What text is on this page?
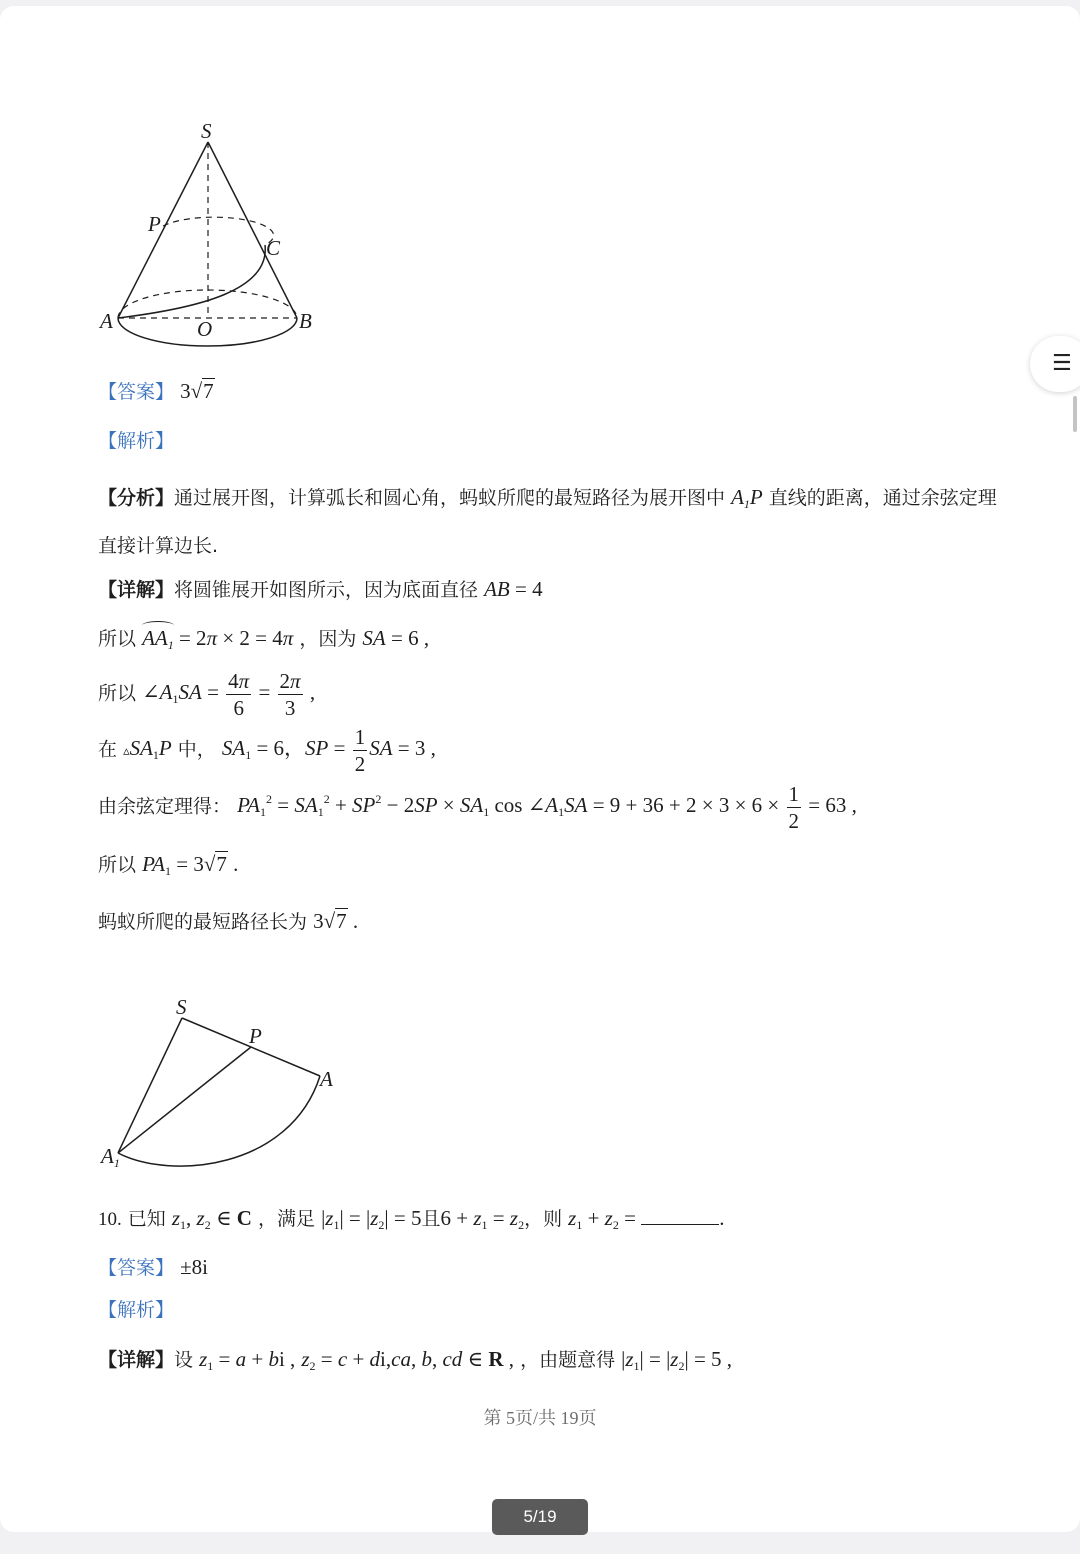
S
P
C
A	O	B
【答案】 3√7
【解析】
【分析】通过展开图，计算弧长和圆心角，蚂蚁所爬的最短路径为展开图中 $A_1P$ 直线的距离，通过余弦定理
直接计算边长.
【详解】将圆锥展开如图所示，因为底面直径 AB = 4
所以 $AA_1 = 2\pi \times 2 = 4\pi$ ，因为 SA = 6 ,
所以 $\angle A_1SA = \frac{4\pi}{6} = \frac{2\pi}{3}$ ,
在 $▵SA_1P$ 中， $SA_1 = 6$，SP = $\frac{1}{2}$ SA = 3 ,
由余弦定理得： $PA_1^2 = SA_1^2 + SP^2 - 2SP \times SA_1$ $\cos \angle A_1SA = 9 + 36 + 2 \times 3 \times 6 \times \frac{1}{2} = 63$ ,
所以 $PA_1 = 3√7$ .
蚂蚁所爬的最短路径长为 3√7 .
S
P
A
A1
10. 已知 $z_1$, $z_2$ ∈ C ，满足 $|z_1| = |z_2| = 5$且$6 + z_1 = z_2$，则 $z_1 + z_2$ =	.
【答案】 ±8i
【解析】
【详解】设 $z_1 = a$ + bi , $z_2 = c + di,ca$, b, cd ∈ R , ，由题意得 $|z_1| = |z_2| = 5$ ,
第 5页/共 19页
☰
5/19
